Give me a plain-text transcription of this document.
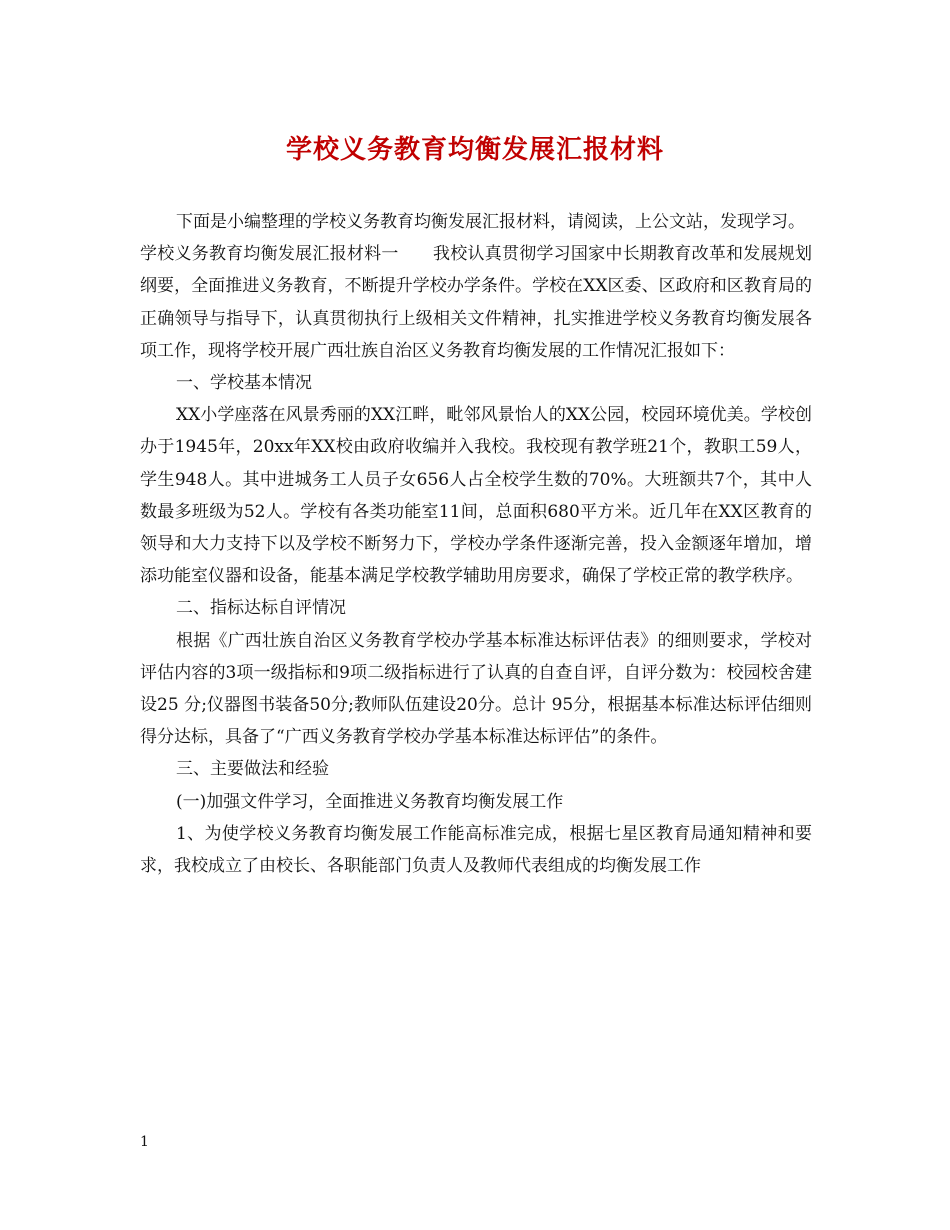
学校义务教育均衡发展汇报材料

下面是小编整理的学校义务教育均衡发展汇报材料，请阅读，上公文站，发现学习。

学校义务教育均衡发展汇报材料一　　我校认真贯彻学习国家中长期教育改革和发展规划纲要，全面推进义务教育，不断提升学校办学条件。学校在XX区委、区政府和区教育局的正确领导与指导下，认真贯彻执行上级相关文件精神，扎实推进学校义务教育均衡发展各项工作，现将学校开展广西壮族自治区义务教育均衡发展的工作情况汇报如下：

一、学校基本情况

XX小学座落在风景秀丽的XX江畔，毗邻风景怡人的XX公园，校园环境优美。学校创办于1945年，20xx年XX校由政府收编并入我校。我校现有教学班21个，教职工59人，学生948人。其中进城务工人员子女656人占全校学生数的70%。大班额共7个，其中人数最多班级为52人。学校有各类功能室11间，总面积680平方米。近几年在XX区教育的领导和大力支持下以及学校不断努力下，学校办学条件逐渐完善，投入金额逐年增加，增添功能室仪器和设备，能基本满足学校教学辅助用房要求，确保了学校正常的教学秩序。

二、指标达标自评情况

根据《广西壮族自治区义务教育学校办学基本标准达标评估表》的细则要求，学校对评估内容的3项一级指标和9项二级指标进行了认真的自查自评，自评分数为：校园校舍建设25 分;仪器图书装备50分;教师队伍建设20分。总计 95分，根据基本标准达标评估细则得分达标，具备了“广西义务教育学校办学基本标准达标评估”的条件。

三、主要做法和经验

(一)加强文件学习，全面推进义务教育均衡发展工作

1、为使学校义务教育均衡发展工作能高标准完成，根据七星区教育局通知精神和要求，我校成立了由校长、各职能部门负责人及教师代表组成的均衡发展工作

1
